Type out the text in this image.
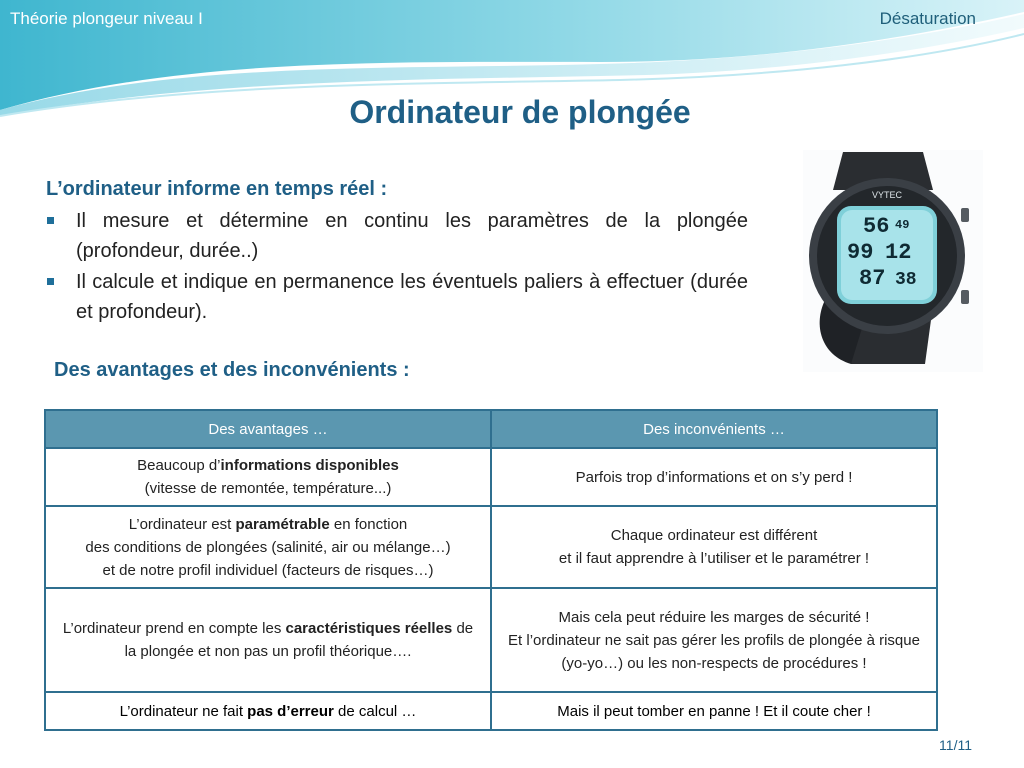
Théorie plongeur niveau I	Désaturation
Ordinateur de plongée
L’ordinateur informe en temps réel :
Il mesure et détermine en continu les paramètres de la plongée (profondeur, durée..)
Il calcule et indique en permanence les éventuels paliers à effectuer (durée et profondeur).
VYTEC
56 49
99 12
87 38
Des avantages et des inconvénients :
Des avantages …	Des inconvénients …
Beaucoup d’informations disponibles
(vitesse de remontée, température...)	Parfois trop d’informations et on s’y perd !
L’ordinateur est paramétrable en fonction
des conditions de plongées (salinité, air ou mélange…)
et de notre profil individuel (facteurs de risques…)	Chaque ordinateur est différent
et il faut apprendre à l’utiliser et le paramétrer !
L’ordinateur prend en compte les caractéristiques réelles de la plongée et non pas un profil théorique….	Mais cela peut réduire les marges de sécurité !
Et l’ordinateur ne sait pas gérer les profils de plongée à risque (yo-yo…) ou les non-respects de procédures !
L’ordinateur ne fait pas d’erreur de calcul …	Mais il peut tomber en panne ! Et il coute cher !
11/11
